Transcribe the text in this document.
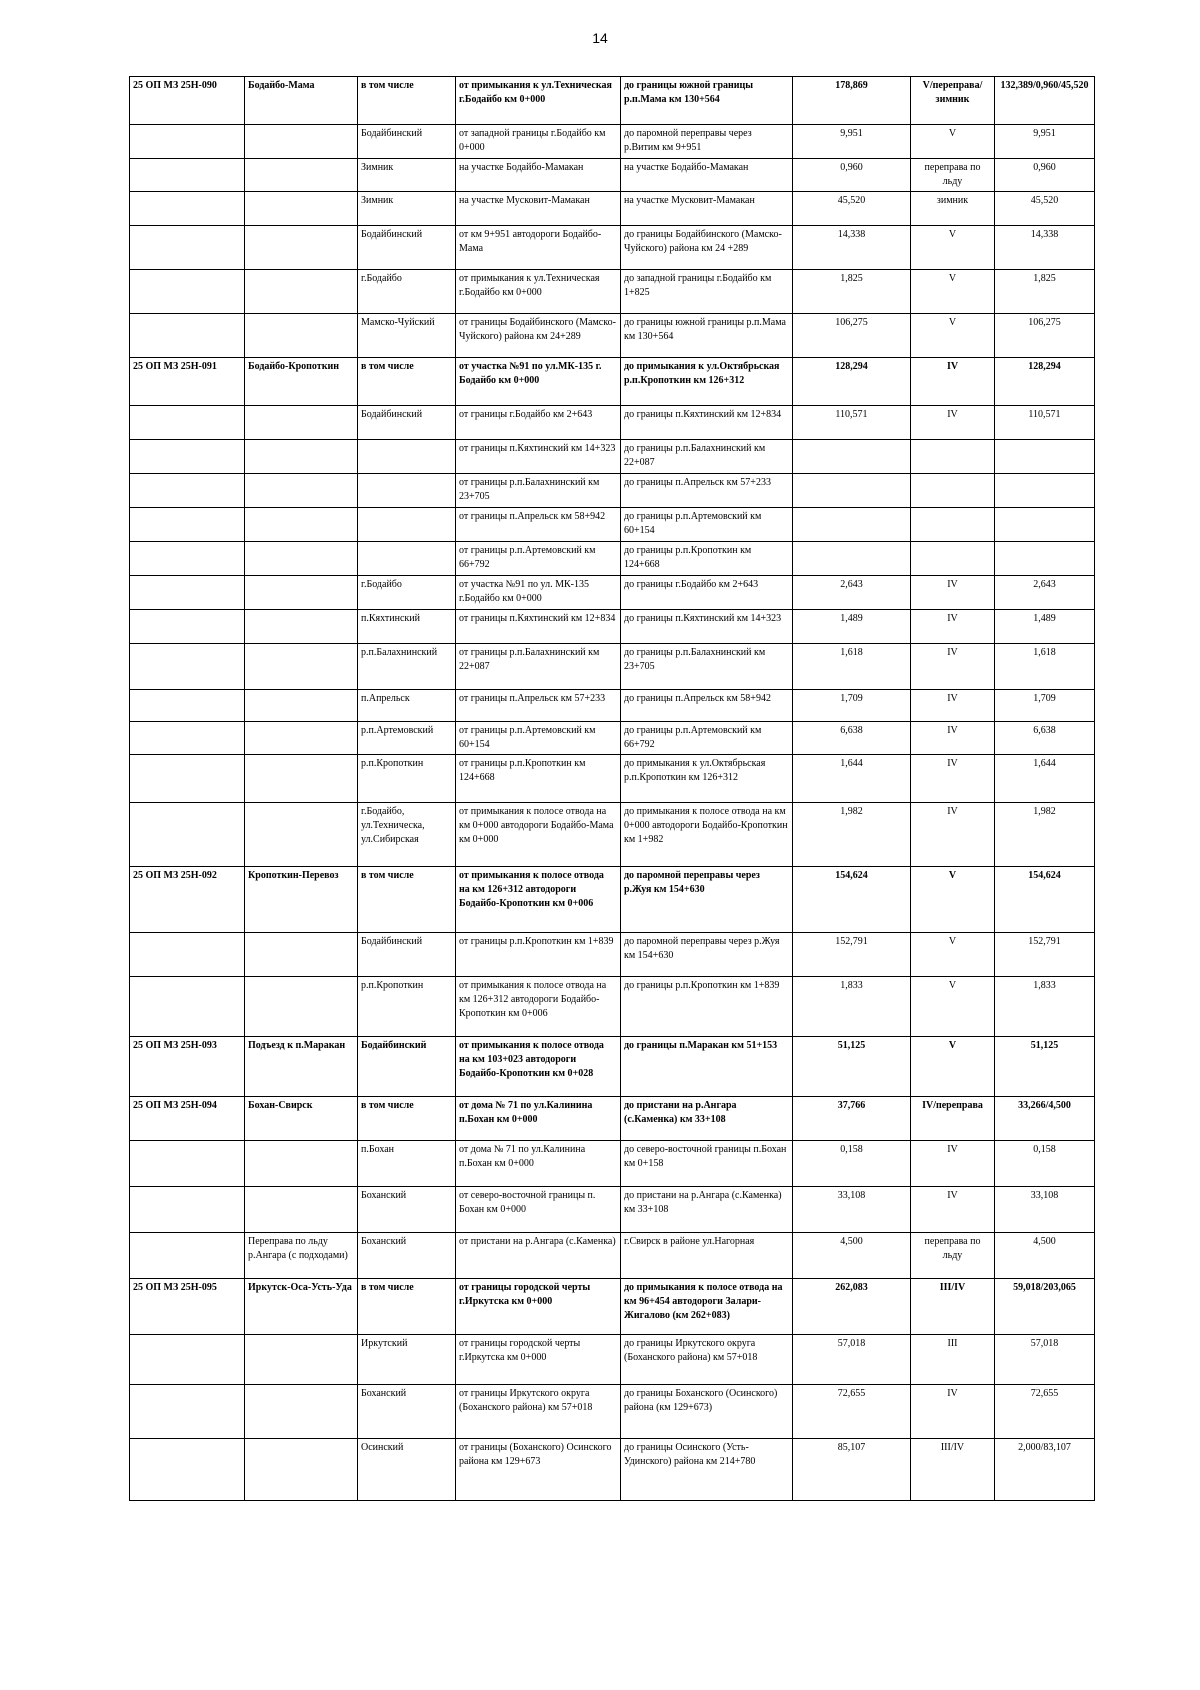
14
25 ОП МЗ 25Н-090	Бодайбо-Мама	в том числе	от примыкания к ул.Техническая г.Бодайбо км 0+000	до границы южной границы р.п.Мама км 130+564	178,869	V/переправа/зимник	132,389/0,960/45,520
		Бодайбинский	от западной границы г.Бодайбо км 0+000	до паромной переправы через р.Витим км 9+951	9,951	V	9,951
		Зимник	на участке Бодайбо-Мамакан	на участке Бодайбо-Мамакан	0,960	переправа по льду	0,960
		Зимник	на участке Мусковит-Мамакан	на участке Мусковит-Мамакан	45,520	зимник	45,520
		Бодайбинский	от км 9+951 автодороги Бодайбо-Мама	до границы Бодайбинского (Мамско-Чуйского) района км 24 +289	14,338	V	14,338
		г.Бодайбо	от примыкания к ул.Техническая г.Бодайбо км 0+000	до западной границы г.Бодайбо км 1+825	1,825	V	1,825
		Мамско-Чуйский	от границы Бодайбинского (Мамско-Чуйского) района км 24+289	до границы южной границы р.п.Мама км 130+564	106,275	V	106,275
25 ОП МЗ 25Н-091	Бодайбо-Кропоткин	в том числе	от участка №91 по ул.МК-135 г. Бодайбо км 0+000	до примыкания к ул.Октябрьская р.п.Кропоткин км 126+312	128,294	IV	128,294
		Бодайбинский	от границы г.Бодайбо км 2+643	до границы п.Кяхтинский км 12+834	110,571	IV	110,571
			от границы п.Кяхтинский км 14+323	до границы р.п.Балахнинский км 22+087			
			от границы р.п.Балахнинский км 23+705	до границы п.Апрельск км 57+233			
			от границы п.Апрельск км 58+942	до границы р.п.Артемовский км 60+154			
			от границы р.п.Артемовский км 66+792	до границы р.п.Кропоткин км 124+668			
		г.Бодайбо	от участка №91 по ул. МК-135 г.Бодайбо км 0+000	до границы г.Бодайбо км 2+643	2,643	IV	2,643
		п.Кяхтинский	от границы п.Кяхтинский км 12+834	до границы п.Кяхтинский км 14+323	1,489	IV	1,489
		р.п.Балахнинский	от границы р.п.Балахнинский км 22+087	до границы р.п.Балахнинский км 23+705	1,618	IV	1,618
		п.Апрельск	от границы п.Апрельск км 57+233	до границы п.Апрельск км 58+942	1,709	IV	1,709
		р.п.Артемовский	от границы р.п.Артемовский км 60+154	до границы р.п.Артемовский км 66+792	6,638	IV	6,638
		р.п.Кропоткин	от границы р.п.Кропоткин км 124+668	до примыкания к ул.Октябрьская р.п.Кропоткин км 126+312	1,644	IV	1,644
		г.Бодайбо, ул.Техническа, ул.Сибирская	от примыкания к полосе отвода на км 0+000 автодороги Бодайбо-Мама км 0+000	до примыкания к полосе отвода на км 0+000 автодороги Бодайбо-Кропоткин км 1+982	1,982	IV	1,982
25 ОП МЗ 25Н-092	Кропоткин-Перевоз	в том числе	от примыкания к полосе отвода на км 126+312 автодороги Бодайбо-Кропоткин км 0+006	до паромной переправы через р.Жуя км 154+630	154,624	V	154,624
		Бодайбинский	от границы р.п.Кропоткин км 1+839	до паромной переправы через р.Жуя км 154+630	152,791	V	152,791
		р.п.Кропоткин	от примыкания к полосе отвода на км 126+312 автодороги Бодайбо-Кропоткин км 0+006	до границы р.п.Кропоткин км 1+839	1,833	V	1,833
25 ОП МЗ 25Н-093	Подъезд к п.Маракан	Бодайбинский	от примыкания к полосе отвода на км 103+023 автодороги Бодайбо-Кропоткин км 0+028	до границы п.Маракан км 51+153	51,125	V	51,125
25 ОП МЗ 25Н-094	Бохан-Свирск	в том числе	от дома № 71 по ул.Калинина п.Бохан км 0+000	до пристани на р.Ангара (с.Каменка) км 33+108	37,766	IV/переправа	33,266/4,500
		п.Бохан	от дома № 71 по ул.Калинина п.Бохан км 0+000	до северо-восточной границы п.Бохан км 0+158	0,158	IV	0,158
		Боханский	от северо-восточной границы п. Бохан км 0+000	до пристани на р.Ангара (с.Каменка) км 33+108	33,108	IV	33,108
	Переправа по льду р.Ангара (с подходами)	Боханский	от пристани на р.Ангара (с.Каменка)	г.Свирск в районе ул.Нагорная	4,500	переправа по льду	4,500
25 ОП МЗ 25Н-095	Иркутск-Оса-Усть-Уда	в том числе	от границы городской черты г.Иркутска км 0+000	до примыкания к полосе отвода на км 96+454 автодороги Залари-Жигалово (км 262+083)	262,083	III/IV	59,018/203,065
		Иркутский	от границы городской черты г.Иркутска км 0+000	до границы Иркутского округа (Боханского района) км 57+018	57,018	III	57,018
		Боханский	от границы Иркутского округа (Боханского района) км 57+018	до границы Боханского (Осинского) района (км 129+673)	72,655	IV	72,655
		Осинский	от границы (Боханского) Осинского района км 129+673	до границы Осинского (Усть-Удинского) района км 214+780	85,107	III/IV	2,000/83,107
